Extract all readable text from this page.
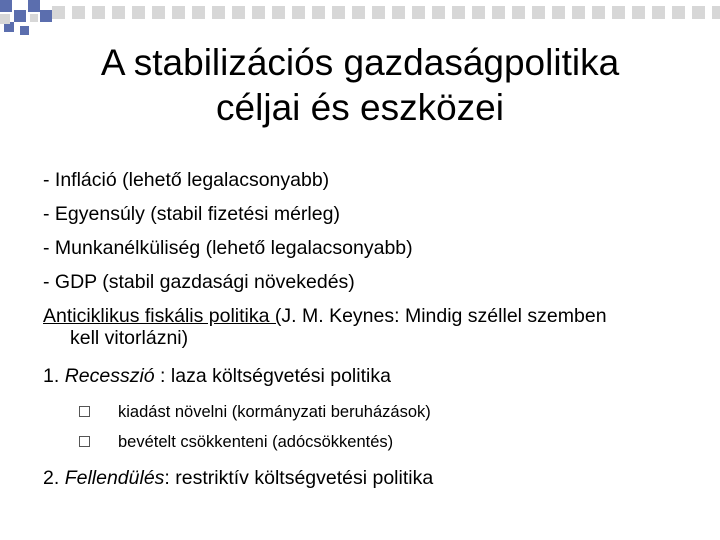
A stabilizációs gazdaságpolitika
céljai és eszközei
- Infláció (lehető legalacsonyabb)
- Egyensúly (stabil fizetési mérleg)
- Munkanélküliség (lehető legalacsonyabb)
- GDP (stabil gazdasági növekedés)
Anticiklikus fiskális politika (J. M. Keynes: Mindig széllel szemben
kell vitorlázni)
1. Recesszió : laza költségvetési politika
kiadást növelni (kormányzati beruházások)
bevételt csökkenteni (adócsökkentés)
2. Fellendülés: restriktív költségvetési politika
